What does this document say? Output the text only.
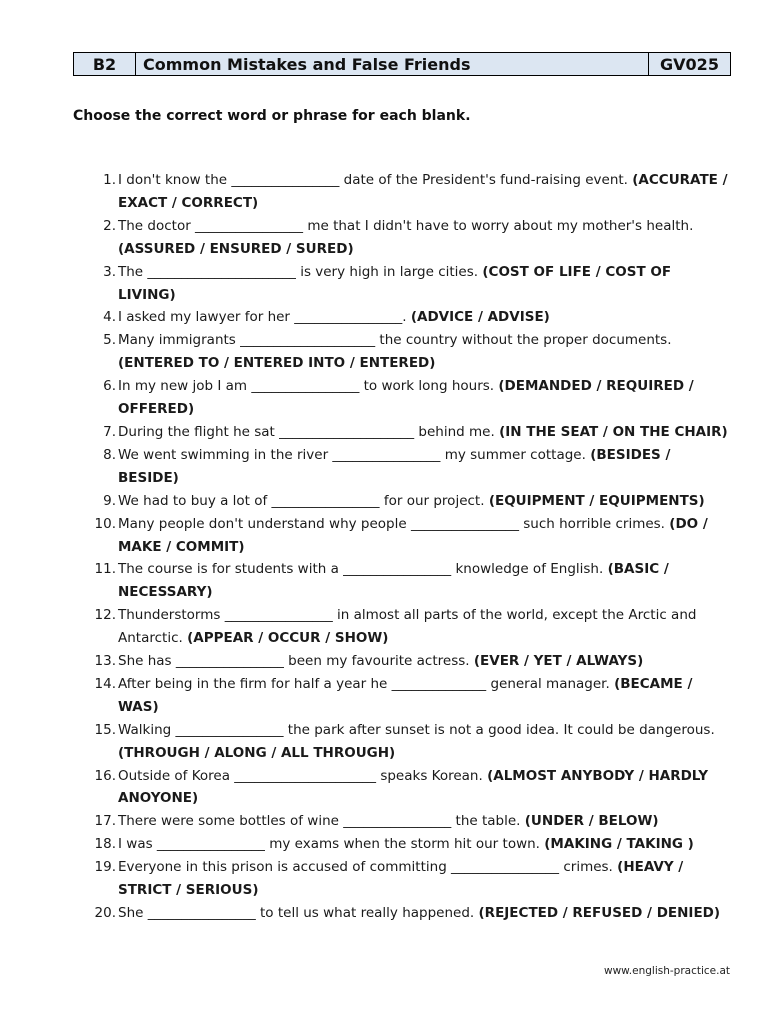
B2	Common Mistakes and False Friends	GV025
Choose the correct word or phrase for each blank.
1. I don't know the ________________ date of the President's fund-raising event. (ACCURATE / EXACT / CORRECT)
2. The doctor ________________ me that I didn't have to worry about my mother's health. (ASSURED / ENSURED / SURED)
3. The ______________________ is very high in large cities. (COST OF LIFE / COST OF LIVING)
4. I asked my lawyer for her ________________. (ADVICE / ADVISE)
5. Many immigrants ____________________ the country without the proper documents. (ENTERED TO / ENTERED INTO / ENTERED)
6. In my new job I am ________________ to work long hours. (DEMANDED / REQUIRED / OFFERED)
7. During the flight he sat ____________________ behind me. (IN THE SEAT / ON THE CHAIR)
8. We went swimming in the river ________________ my summer cottage. (BESIDES / BESIDE)
9. We had to buy a lot of ________________ for our project. (EQUIPMENT / EQUIPMENTS)
10. Many people don't understand why people ________________ such horrible crimes. (DO / MAKE / COMMIT)
11. The course is for students with a ________________ knowledge of English. (BASIC / NECESSARY)
12. Thunderstorms ________________ in almost all parts of the world, except the Arctic and Antarctic. (APPEAR / OCCUR / SHOW)
13. She has ________________ been my favourite actress. (EVER / YET / ALWAYS)
14. After being in the firm for half a year he ______________ general manager. (BECAME / WAS)
15. Walking ________________ the park after sunset is not a good idea. It could be dangerous. (THROUGH / ALONG / ALL THROUGH)
16. Outside of Korea _____________________ speaks Korean. (ALMOST ANYBODY / HARDLY ANOYONE)
17. There were some bottles of wine ________________ the table. (UNDER / BELOW)
18. I was ________________ my exams when the storm hit our town. (MAKING / TAKING )
19. Everyone in this prison is accused of committing ________________ crimes. (HEAVY / STRICT / SERIOUS)
20. She ________________ to tell us what really happened. (REJECTED / REFUSED / DENIED)
www.english-practice.at
